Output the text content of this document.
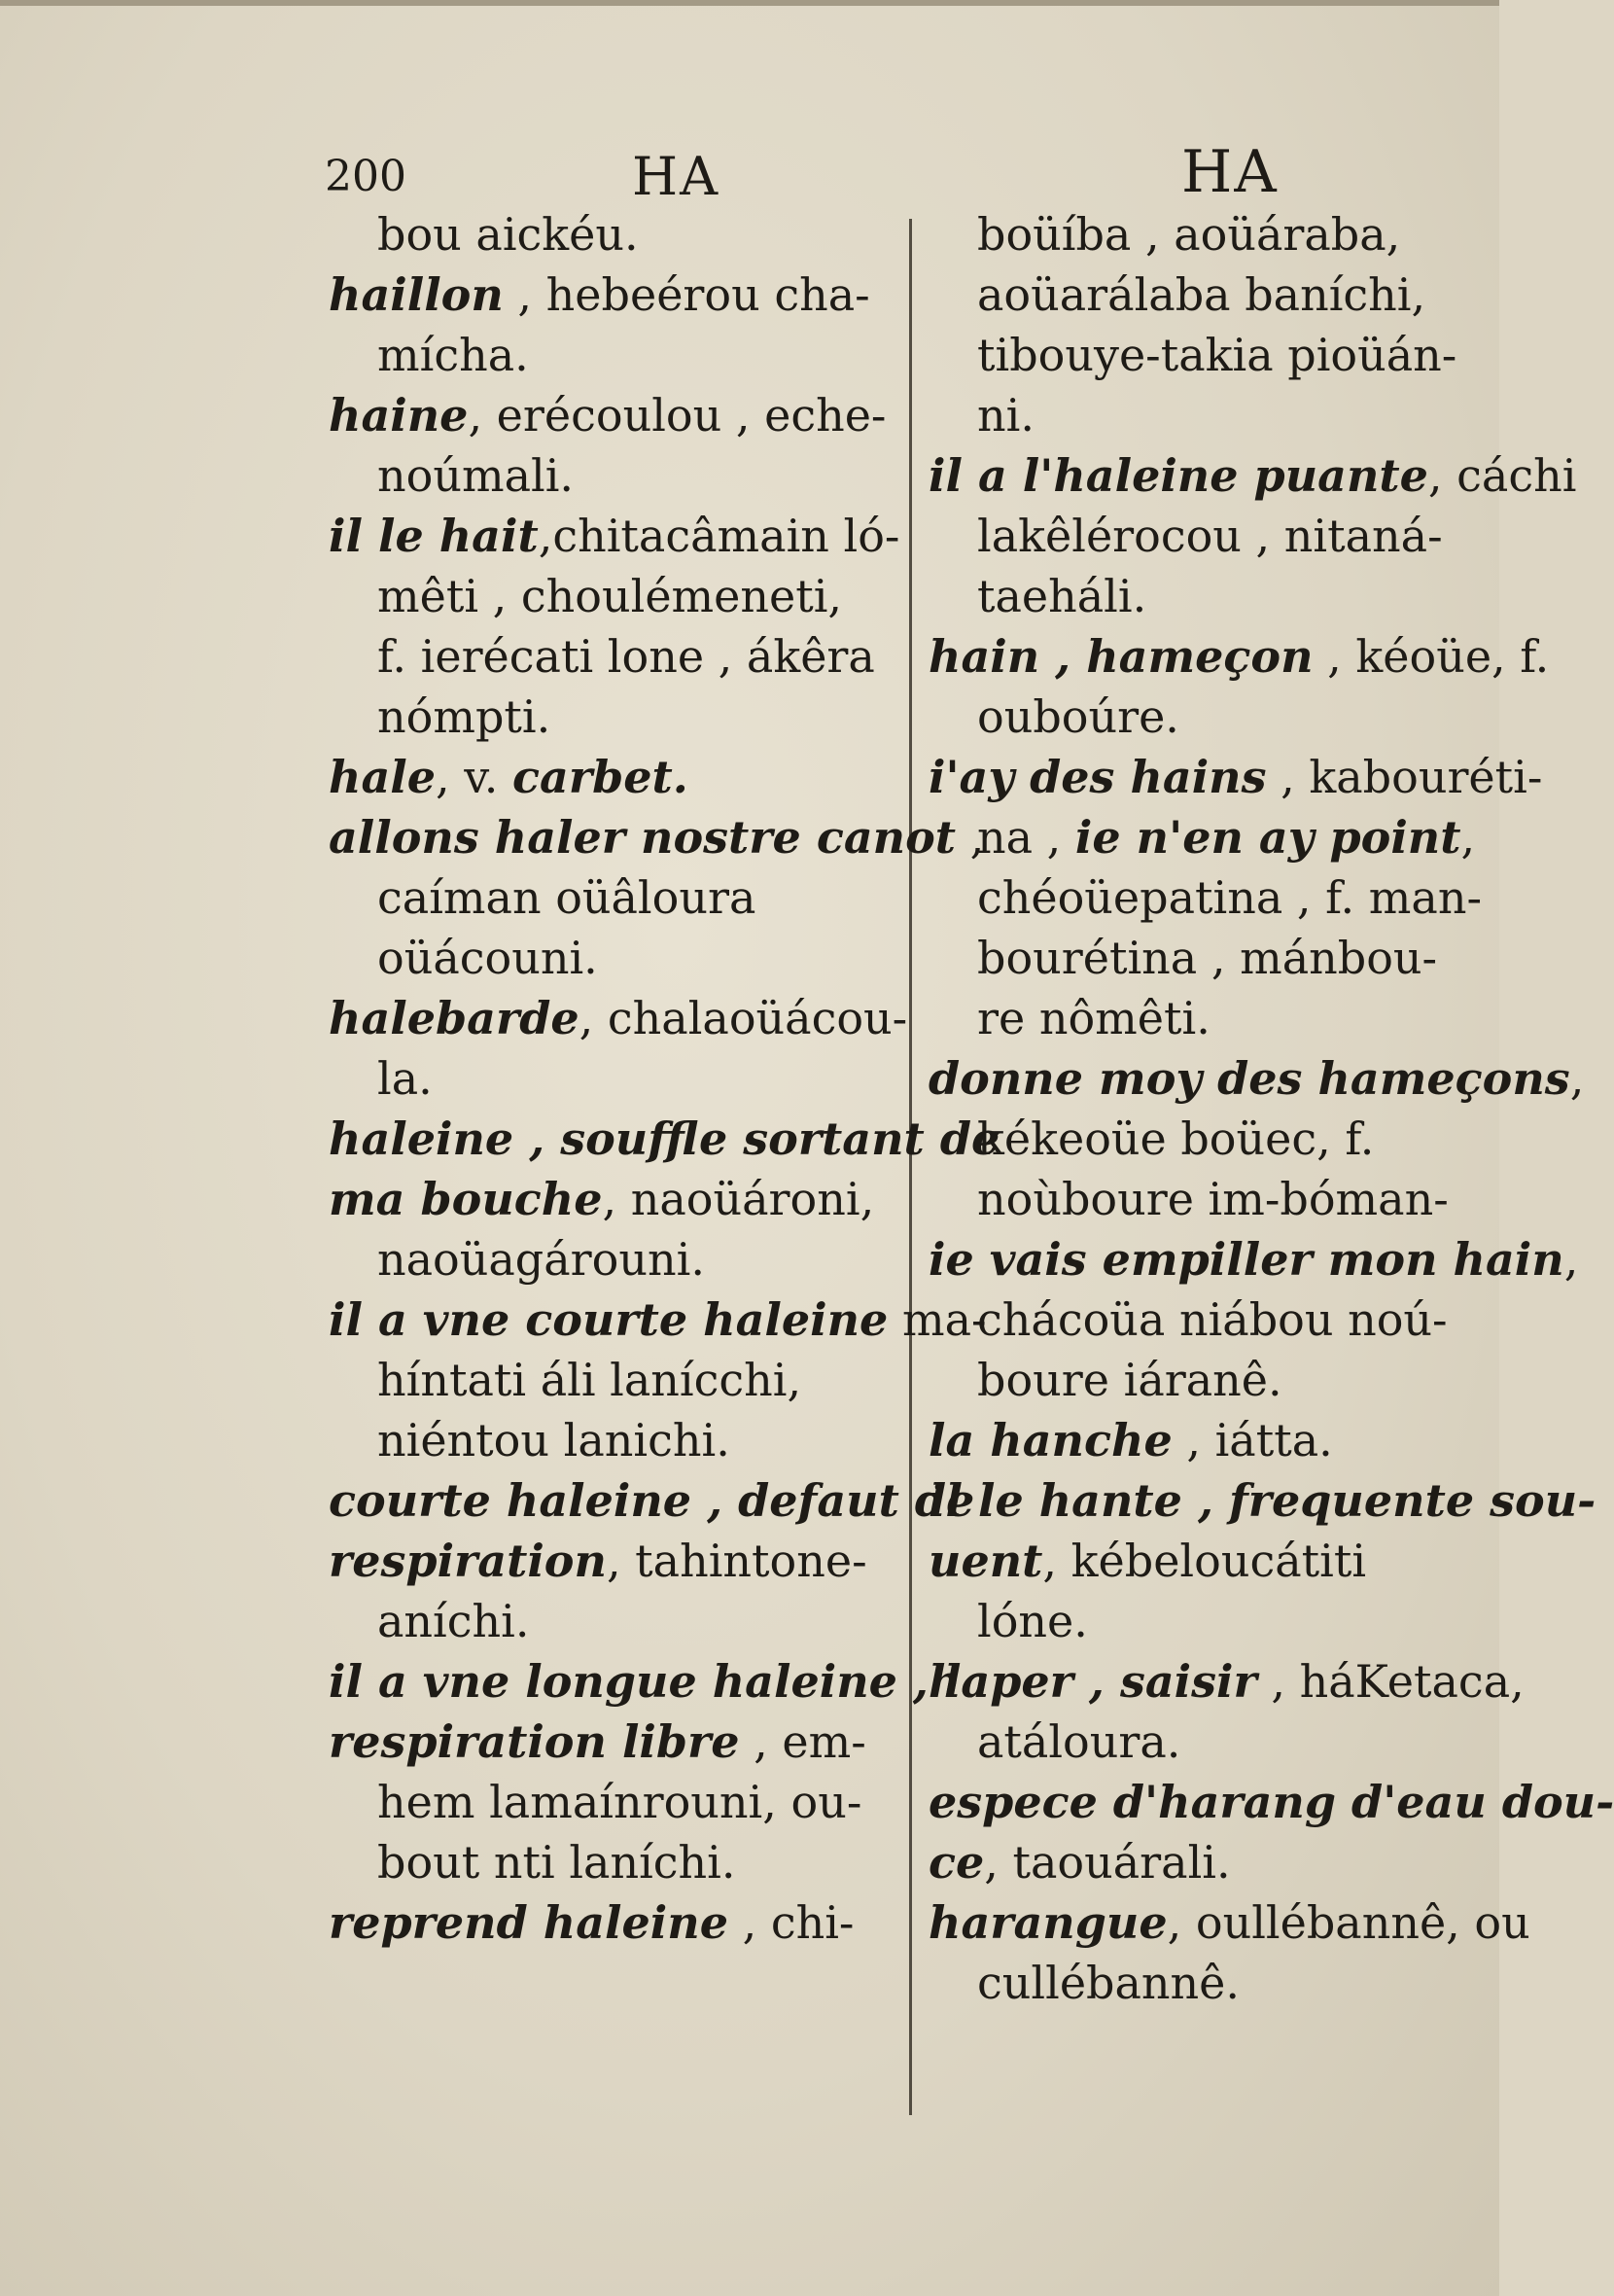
200	HA	HA
bou aickéu.
haillon , hebeérou cha-
mícha.
haine, erécoulou , eche-
noúmali.
il le hait,chitacâmain ló-
mêti , choulémeneti,
f. ierécati lone , ákêra
nómpti.
hale, v. carbet.
allons haler nostre canot ,
caíman oüâloura
oüácouni.
halebarde, chalaoüácou-
la.
haleine , souffle sortant de
ma bouche, naoüároni,
naoüagárouni.
il a vne courte haleine ma-
híntati áli lanícchi,
niéntou lanichi.
courte haleine , defaut de
respiration, tahintone-
aníchi.
il a vne longue haleine , la
respiration libre , em-
hem lamaínrouni, ou-
bout nti laníchi.
reprend haleine , chi-
boüíba , aoüáraba,
aoüarálaba baníchi,
tibouye-takia pioüán-
ni.
il a l'haleine puante, cáchi
lakêlérocou , nitaná-
taeháli.
hain , hameçon , kéoüe, f.
ouboúre.
i'ay des hains , kabouréti-
na , ie n'en ay point,
chéoüepatina , f. man-
bourétina , mánbou-
re nômêti.
donne moy des hameçons,
kékeoüe boüec, f.
noùboure im-bóman-
ie vais empiller mon hain,
chácoüa niábou noú-
boure iáranê.
la hanche , iátta.
il le hante , frequente sou-
uent, kébeloucátiti
lóne.
haper , saisir , háKetaca,
atáloura.
espece d'harang d'eau dou-
ce, taouárali.
harangue, oullébannê, ou
cullébannê.
